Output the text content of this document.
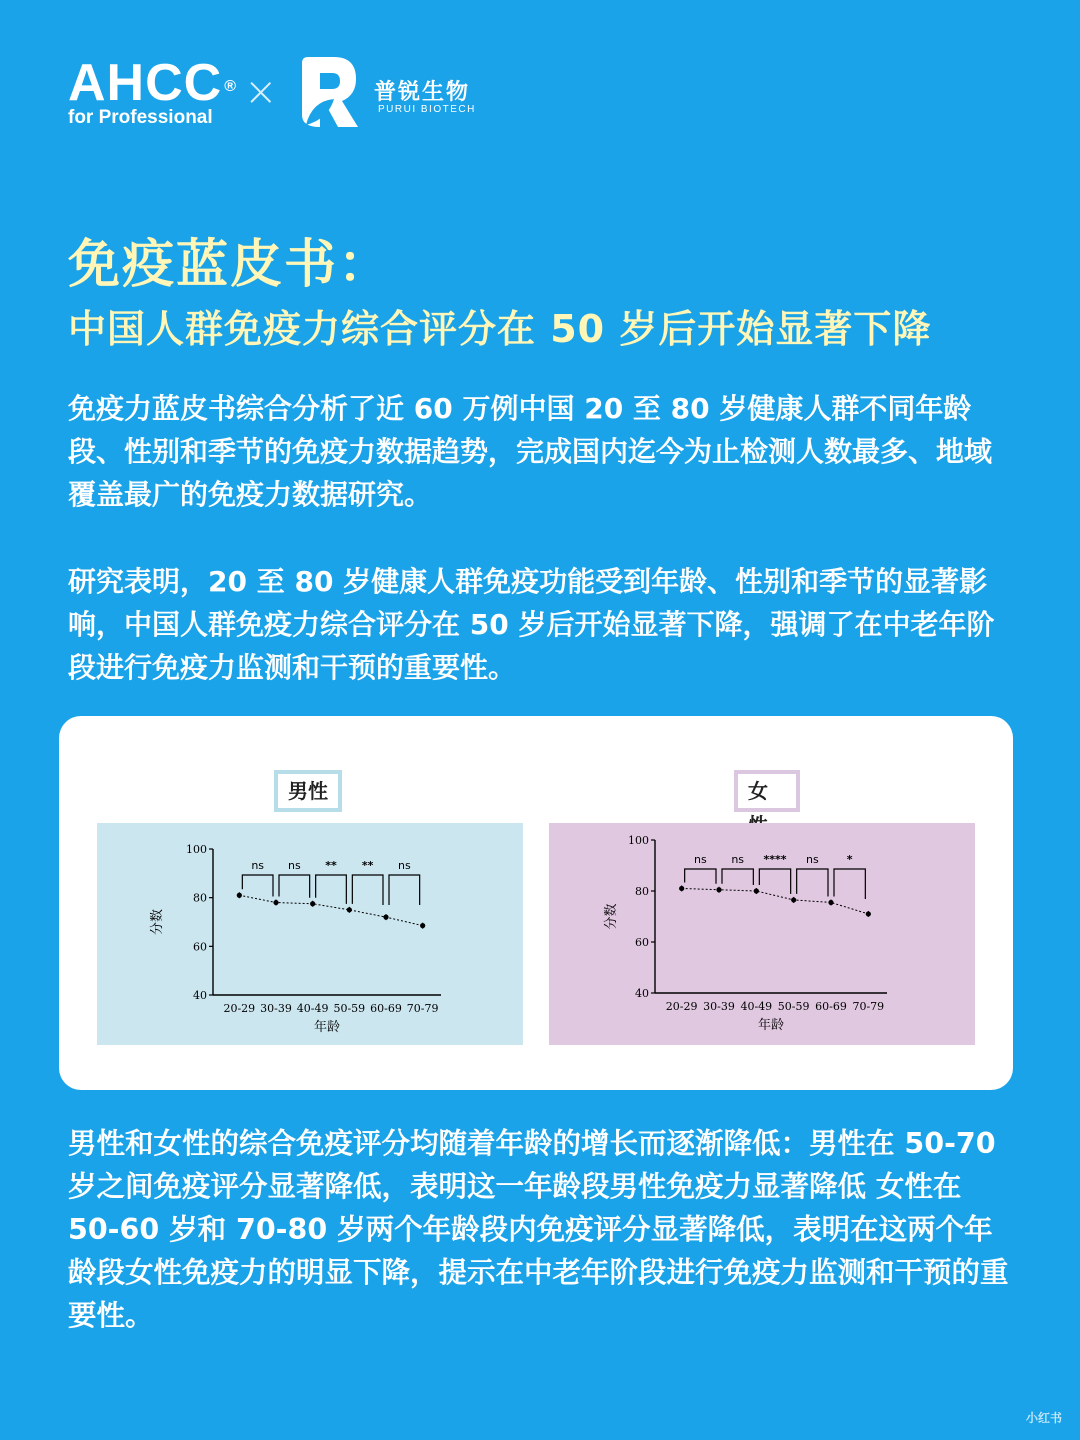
AHCC ®
for Professional
×	普锐生物
PURUI BIOTECH
免疫蓝皮书：
中国人群免疫力综合评分在 50 岁后开始显著下降
免疫力蓝皮书综合分析了近 60 万例中国 20 至 80 岁健康人群不同年龄段、性别和季节的免疫力数据趋势，完成国内迄今为止检测人数最多、地域覆盖最广的免疫力数据研究。
研究表明，20 至 80 岁健康人群免疫功能受到年龄、性别和季节的显著影响，中国人群免疫力综合评分在 50 岁后开始显著下降，强调了在中老年阶段进行免疫力监测和干预的重要性。
男性	女
40
60
80
100
20-29 30-39 40-49 50-59 60-69 70-79
年龄
分数
ns ns ** ** ns
40
60
80
100
20-29 30-39 40-49 50-59 60-69 70-79
年龄
分数
ns ns **** ns	*
男性和女性的综合免疫评分均随着年龄的增长而逐渐降低：男性在 50-70 岁之间免疫评分显著降低，表明这一年龄段男性免疫力显著降低 女性在 50-60 岁和 70-80 岁两个年龄段内免疫评分显著降低，表明在这两个年龄段女性免疫力的明显下降，提示在中老年阶段进行免疫力监测和干预的重要性。
小红书
